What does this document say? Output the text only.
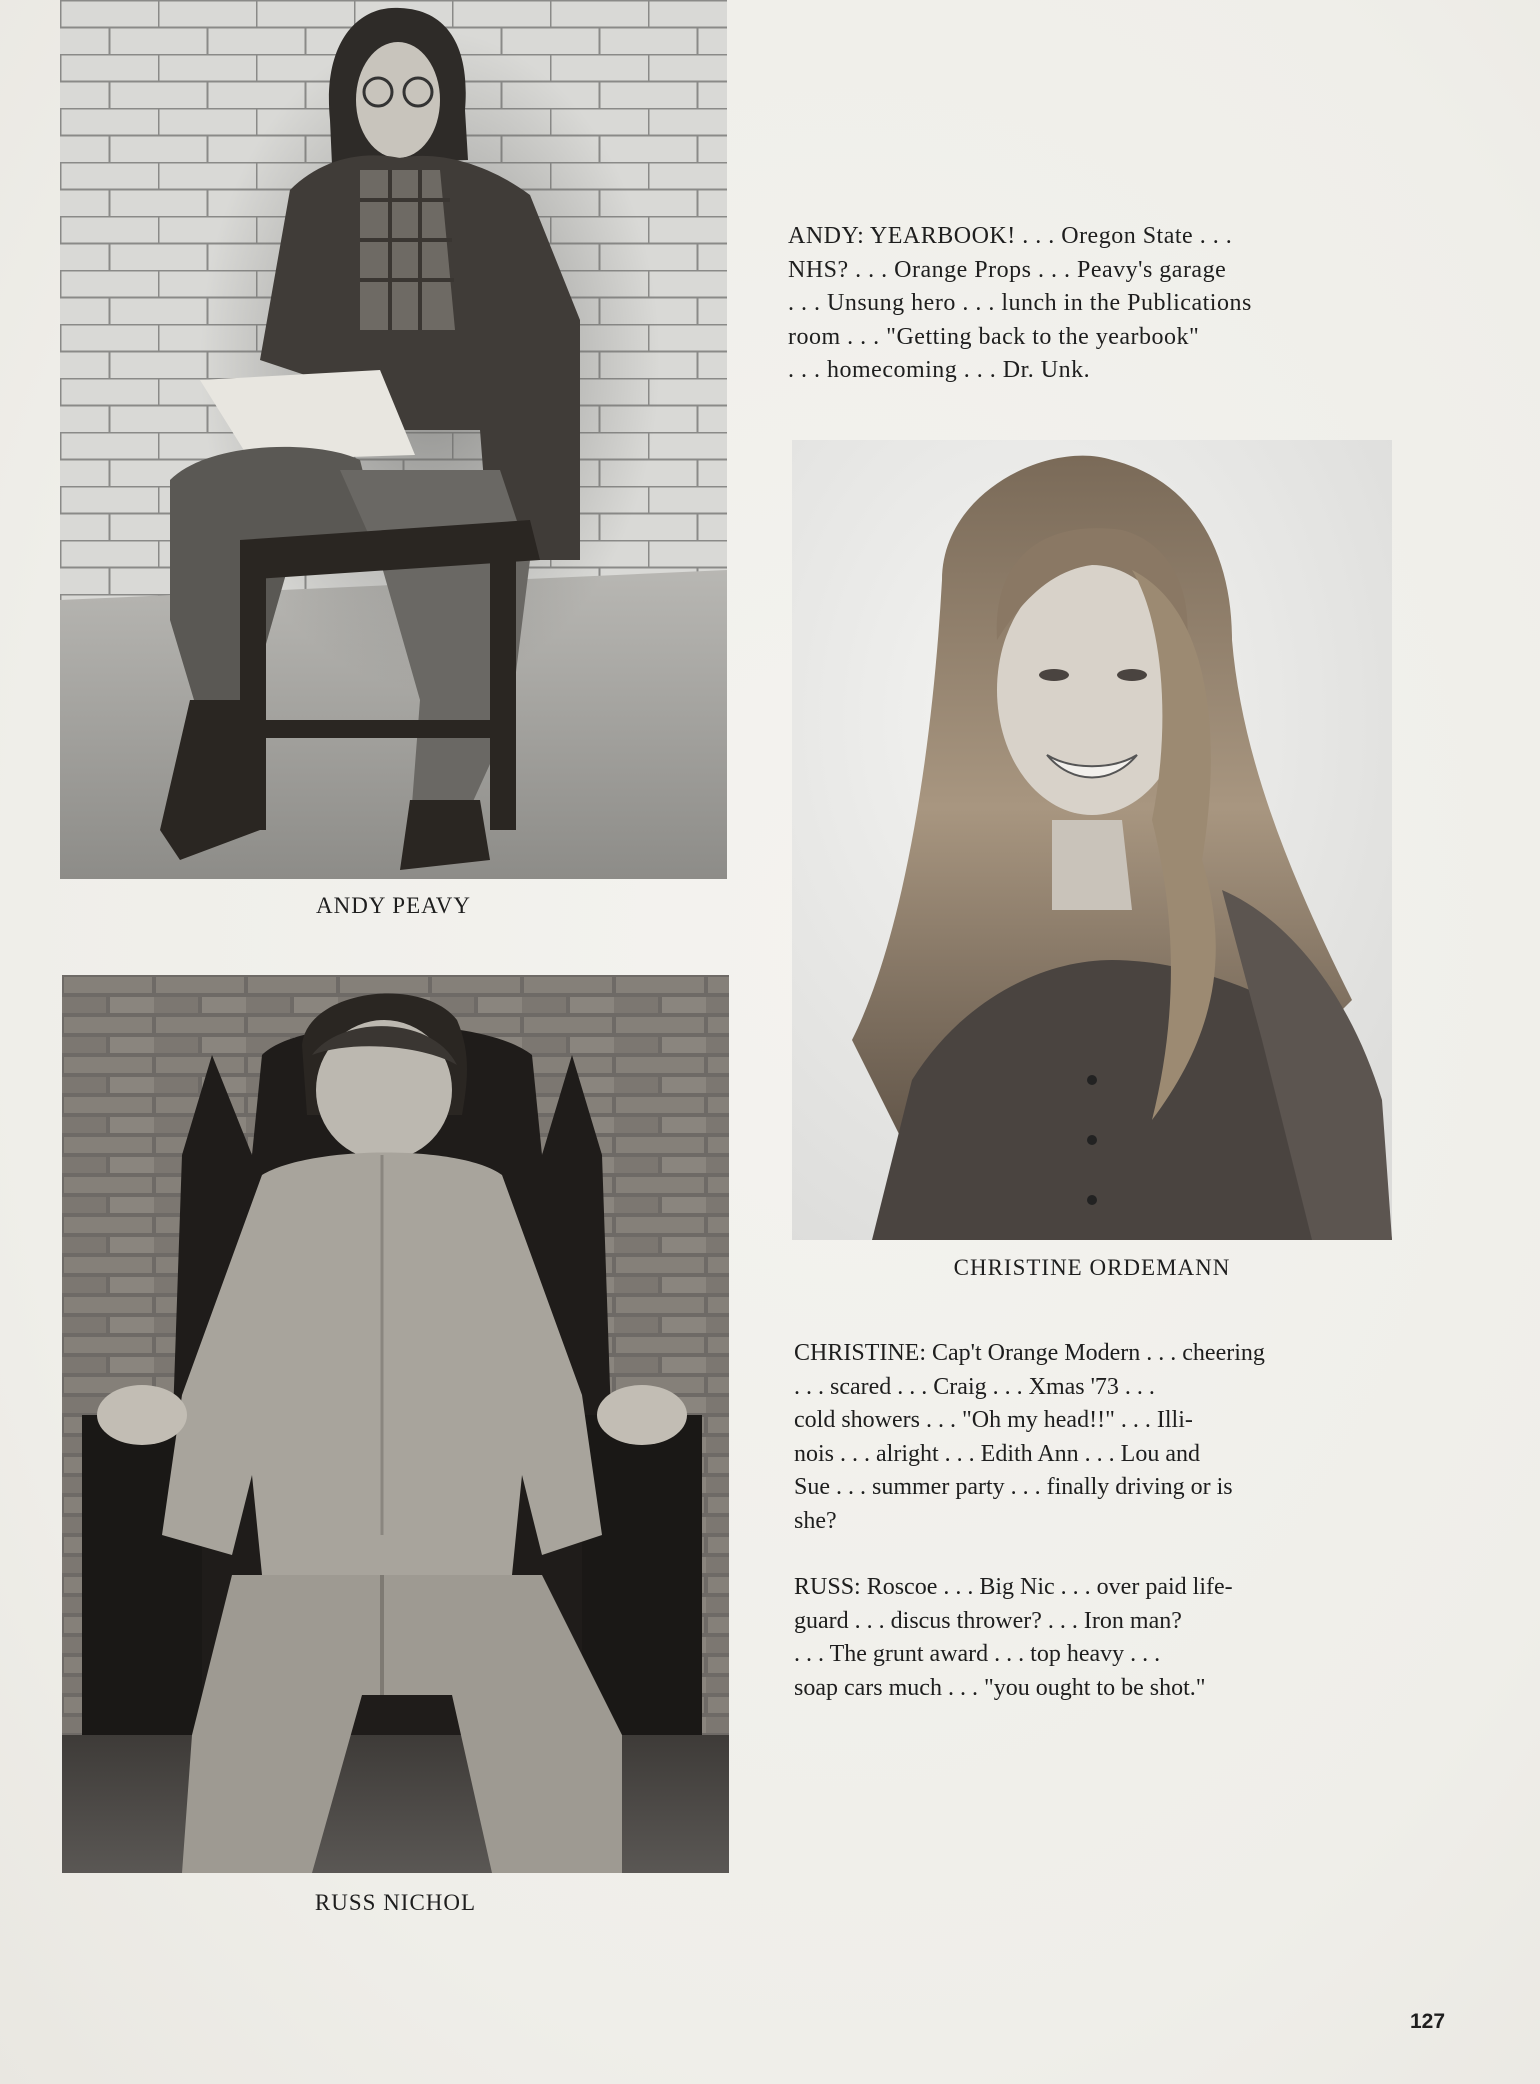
ANDY PEAVY

ANDY: YEARBOOK! . . . Oregon State . . .
NHS? . . . Orange Props . . . Peavy's garage
. . . Unsung hero . . . lunch in the Publications
room . . . "Getting back to the yearbook"
. . . homecoming . . . Dr. Unk.

CHRISTINE ORDEMANN

CHRISTINE: Cap't Orange Modern . . . cheering
. . . scared . . . Craig . . . Xmas '73 . . .
cold showers . . . "Oh my head!!" . . . Illi-
nois . . . alright . . . Edith Ann . . . Lou and
Sue . . . summer party . . . finally driving or is
she?

RUSS: Roscoe . . . Big Nic . . . over paid life-
guard . . . discus thrower? . . . Iron man?
. . . The grunt award . . . top heavy . . .
soap cars much . . . "you ought to be shot."

RUSS NICHOL
127
